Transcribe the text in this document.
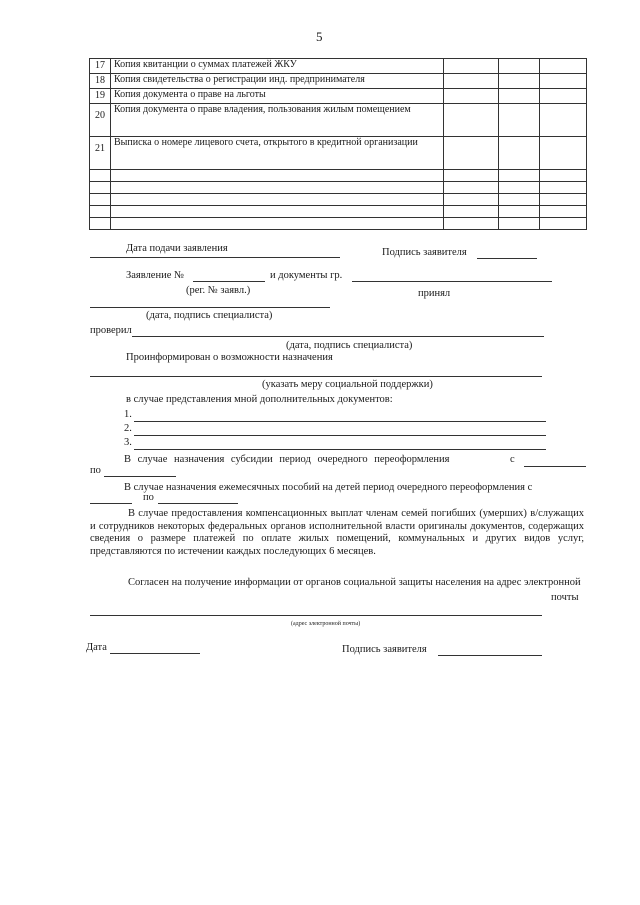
5
17	Копия квитанции о суммах платежей ЖКУ			
18	Копия свидетельства о регистрации инд. предпринимателя			
19	Копия документа о праве на льготы			
20	Копия документа о праве владения, пользования жилым помещением			
21	Выписка о номере лицевого счета, открытого в кредитной организации			

Дата подачи заявления	Подпись заявителя
Заявление №	и документы гр.
(рег. № заявл.)	принял
(дата, подпись специалиста)
проверил
(дата, подпись специалиста)
Проинформирован о возможности назначения
(указать меру социальной поддержки)
в случае представления мной дополнительных документов:
1.
2.
3.
В случае назначения субсидии период очередного переоформления	с
по
В случае назначения ежемесячных пособий на детей период очередного переоформления с
по
В случае предоставления компенсационных выплат членам семей погибших (умерших) в/служащих и сотрудников некоторых федеральных органов исполнительной власти оригиналы документов, содержащих сведения о размере платежей по оплате жилых помещений, коммунальных и других видов услуг, представляются по истечении каждых последующих 6 месяцев.
Согласен на получение информации от органов социальной защиты населения на адрес электронной
почты
(адрес электронной почты)
Дата	Подпись заявителя
